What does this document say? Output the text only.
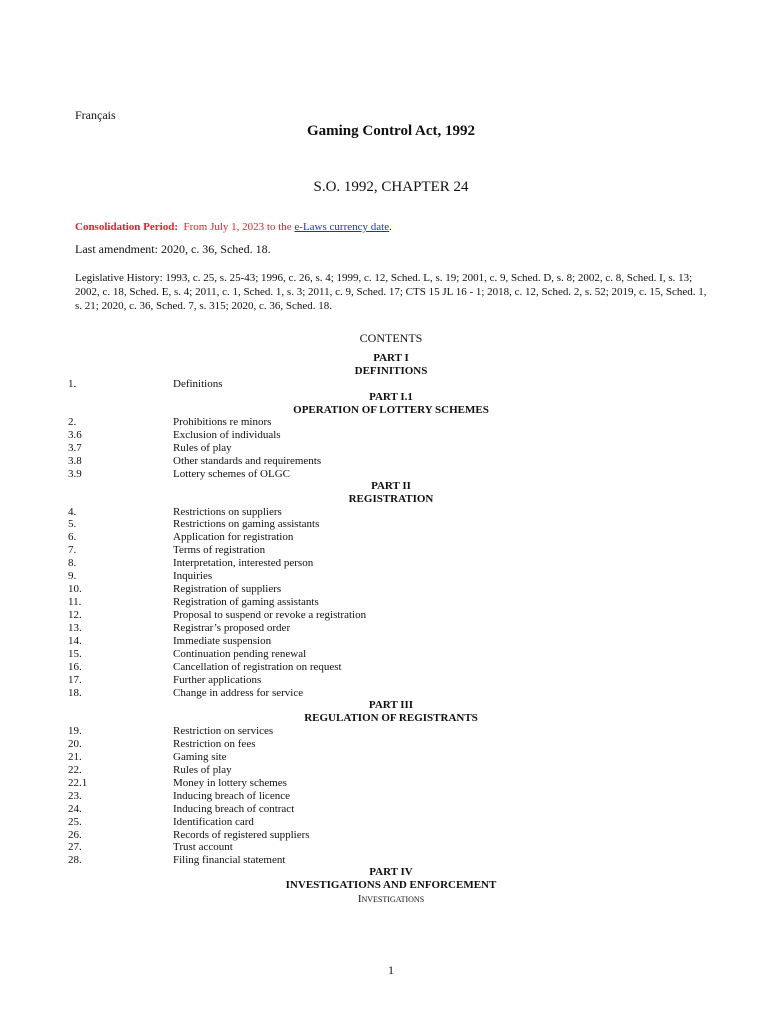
Français
Gaming Control Act, 1992
S.O. 1992, CHAPTER 24
Consolidation Period: From July 1, 2023 to the e-Laws currency date.
Last amendment: 2020, c. 36, Sched. 18.
Legislative History: 1993, c. 25, s. 25-43; 1996, c. 26, s. 4; 1999, c. 12, Sched. L, s. 19; 2001, c. 9, Sched. D, s. 8; 2002, c. 8, Sched. I, s. 13; 2002, c. 18, Sched. E, s. 4; 2011, c. 1, Sched. 1, s. 3; 2011, c. 9, Sched. 17; CTS 15 JL 16 - 1; 2018, c. 12, Sched. 2, s. 52; 2019, c. 15, Sched. 1, s. 21; 2020, c. 36, Sched. 7, s. 315; 2020, c. 36, Sched. 18.
CONTENTS
PART I
DEFINITIONS
1.	Definitions
PART I.1
OPERATION OF LOTTERY SCHEMES
2.	Prohibitions re minors
3.6	Exclusion of individuals
3.7	Rules of play
3.8	Other standards and requirements
3.9	Lottery schemes of OLGC
PART II
REGISTRATION
4.	Restrictions on suppliers
5.	Restrictions on gaming assistants
6.	Application for registration
7.	Terms of registration
8.	Interpretation, interested person
9.	Inquiries
10.	Registration of suppliers
11.	Registration of gaming assistants
12.	Proposal to suspend or revoke a registration
13.	Registrar’s proposed order
14.	Immediate suspension
15.	Continuation pending renewal
16.	Cancellation of registration on request
17.	Further applications
18.	Change in address for service
PART III
REGULATION OF REGISTRANTS
19.	Restriction on services
20.	Restriction on fees
21.	Gaming site
22.	Rules of play
22.1	Money in lottery schemes
23.	Inducing breach of licence
24.	Inducing breach of contract
25.	Identification card
26.	Records of registered suppliers
27.	Trust account
28.	Filing financial statement
PART IV
INVESTIGATIONS AND ENFORCEMENT
Investigations
1
